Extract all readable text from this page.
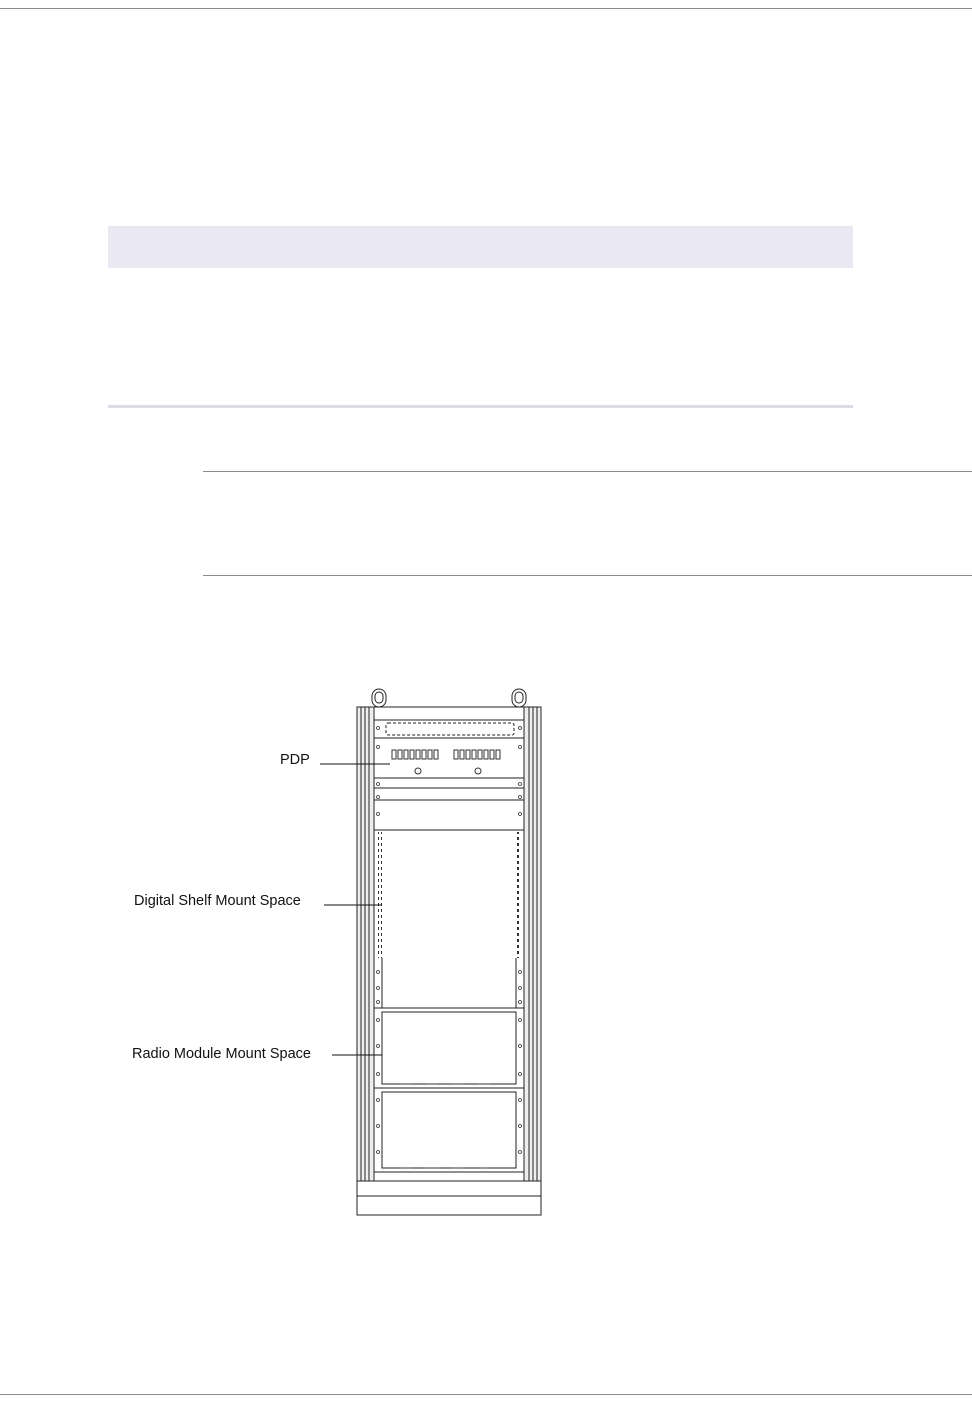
PDP
Digital Shelf Mount Space
Radio Module Mount Space
